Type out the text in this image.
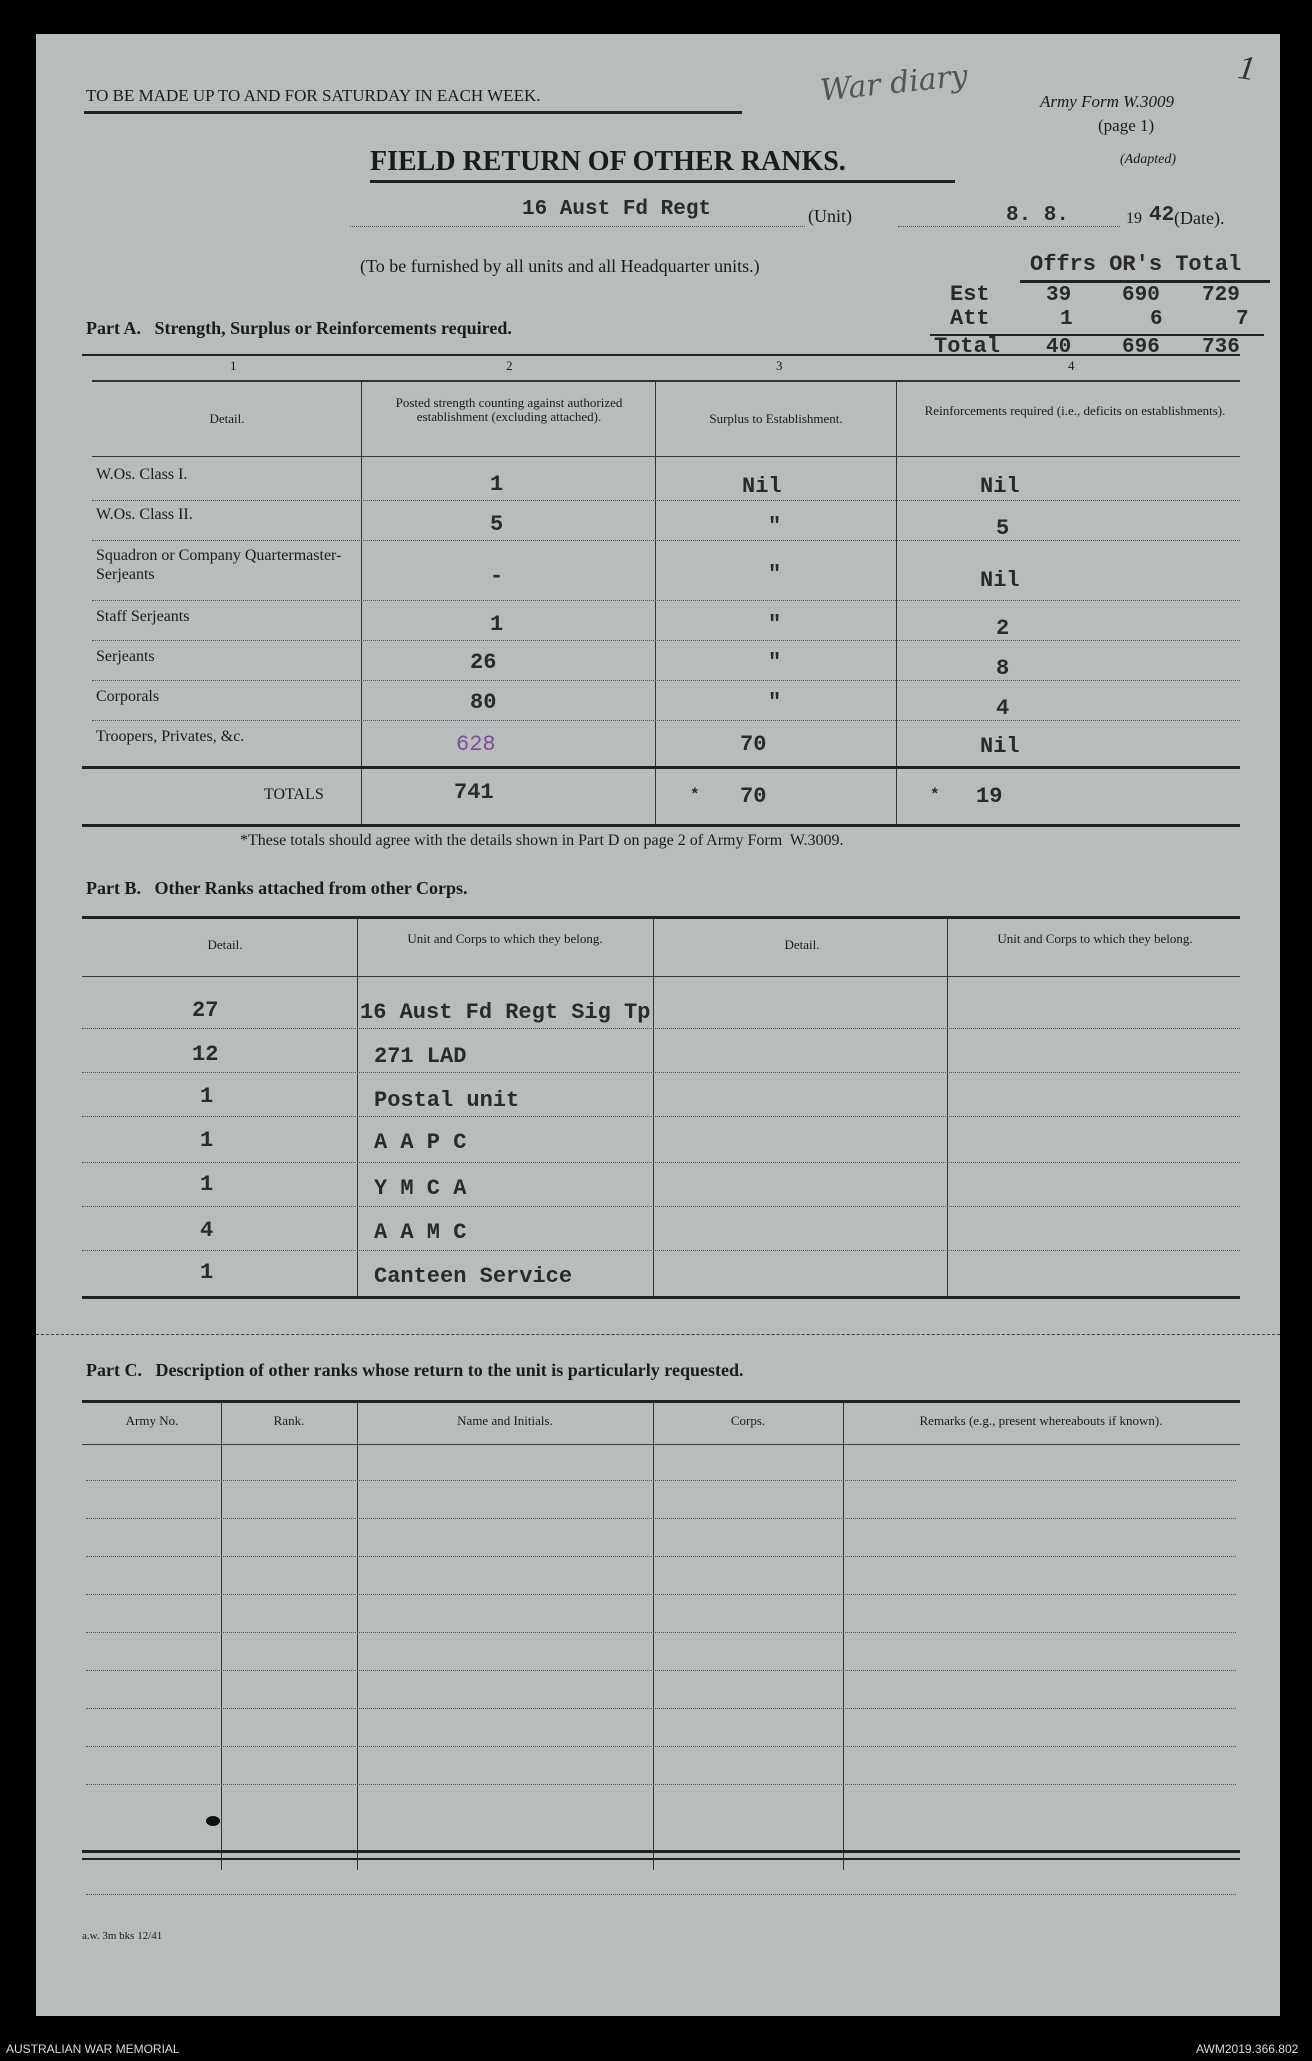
TO BE MADE UP TO AND FOR SATURDAY IN EACH WEEK.	War diary	1
Army Form W.3009
(page 1)
(Adapted)
FIELD RETURN OF OTHER RANKS.
16 Aust Fd Regt	(Unit)	8. 8.	19 42 (Date).
(To be furnished by all units and all Headquarter units.)	Offrs OR's Total
Est	39 690 729
Att	1	6	7
Total 40 696 736
Part A.   Strength, Surplus or Reinforcements required.
1	2	3	4
Detail.
Posted strength counting against authorized establishment (excluding attached).	Surplus to Establishment.
Reinforcements required (i.e., deficits on establishments).
W.Os. Class I.	1	Nil	Nil
W.Os. Class II.	5	"	5
Squadron or Company Quartermaster-Serjeants	-	"	Nil
Staff Serjeants	1	"	2
Serjeants	26	"	8
Corporals	80	"	4
Troopers, Privates, &c.	628	70	Nil
TOTALS	741	* 70	* 19
*These totals should agree with the details shown in Part D on page 2 of Army Form  W.3009.
Part B.   Other Ranks attached from other Corps.
Detail.	Unit and Corps to which they belong.	Detail.	Unit and Corps to which they belong.
27	16 Aust Fd Regt Sig Tp
12	271 LAD
1	Postal unit
1	A A P C
1	Y M C A
4	A A M C
1	Canteen Service
Part C.   Description of other ranks whose return to the unit is particularly requested.
Army No.	Rank.	Name and Initials.	Corps.	Remarks (e.g., present whereabouts if known).
a.w. 3m bks 12/41
AUSTRALIAN WAR MEMORIAL	AWM2019.366.802
